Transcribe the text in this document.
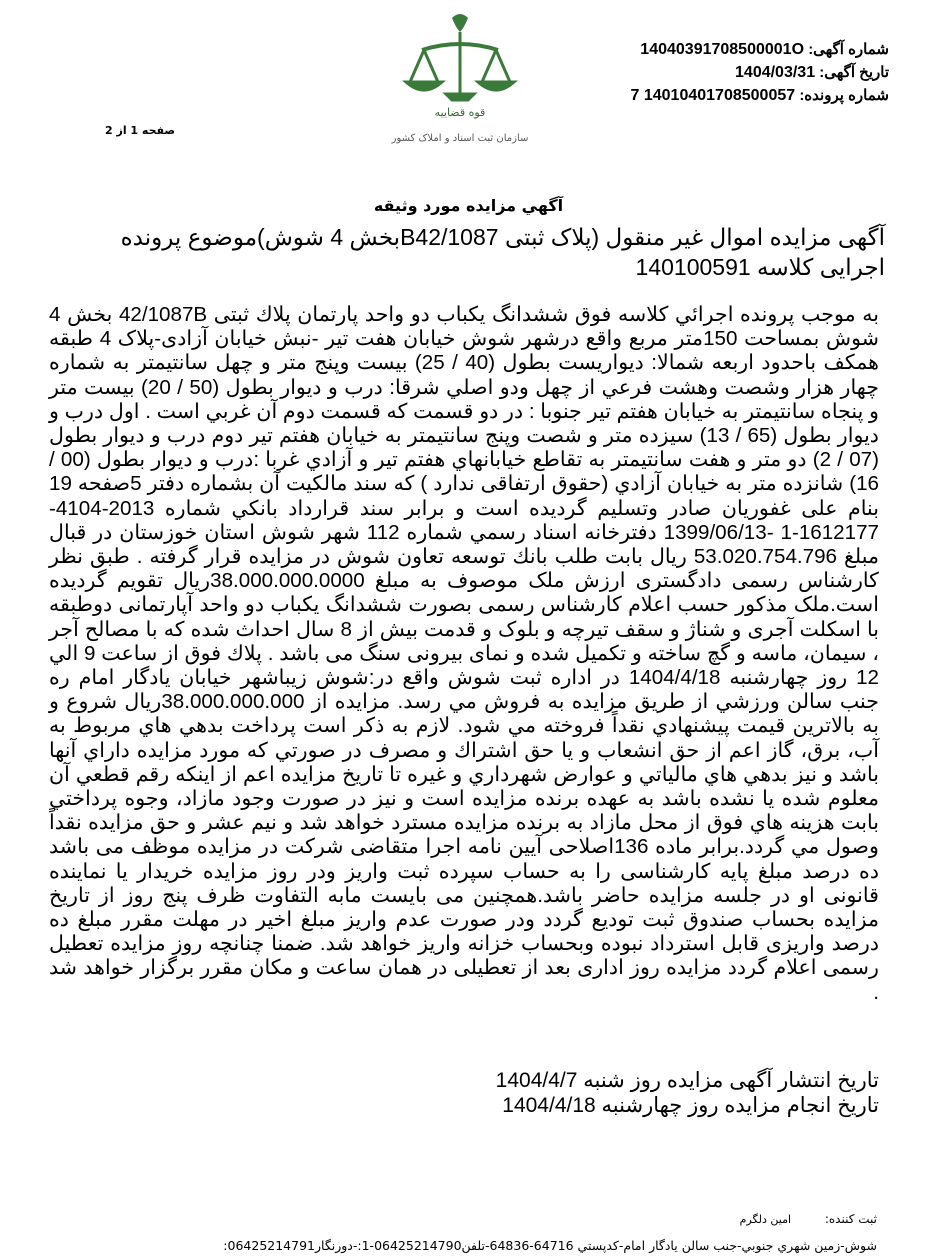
شماره آگهی: 14040391708500001O
تاریخ آگهی: 1404/03/31
شماره پرونده: 14010401708500057 7
قوه قضاییه
سازمان ثبت اسناد و املاک کشور
صفحه 1 از 2
آگهي مزايده مورد وثيقه
آگهی مزایده اموال غیر منقول (پلاک ثبتی B42/1087بخش 4 شوش)موضوع پرونده اجرایی کلاسه 140100591
به موجب پرونده اجرائي كلاسه فوق ششدانگ يكباب دو واحد پارتمان پلاك ثبتی 42/1087B بخش 4 شوش بمساحت 150متر مربع واقع درشهر شوش خیابان هفت تیر -نبش خیابان آزادی-پلاک 4 طبقه همکف باحدود اربعه شمالا: ديواريست بطول (40 / 25) بيست وپنج متر و چهل سانتيمتر به شماره چهار هزار وشصت وهشت فرعي از چهل ودو اصلي شرقا: درب و ديوار بطول (50 / 20) بيست متر و پنجاه سانتيمتر به خيابان هفتم تير جنوبا : در دو قسمت كه قسمت دوم آن غربي است . اول درب و ديوار بطول (65 / 13) سيزده متر و شصت وپنج سانتيمتر به خيابان هفتم تير دوم درب و ديوار بطول (07 / 2) دو متر و هفت سانتيمتر به تقاطع خيابانهاي هفتم تير و آزادي غربا :درب و ديوار بطول (00 / 16) شانزده متر به خيابان آزادي (حقوق ارتفاقی ندارد ) که سند مالکیت آن بشماره دفتر 5صفحه 19 بنام علی غفوریان صادر وتسلیم گرديده است و برابر سند قرارداد بانكي شماره 2013-4104-1612177-1 -1399/06/13 دفترخانه اسناد رسمي شماره 112 شهر شوش استان خوزستان در قبال مبلغ 53.020.754.796 ريال بابت طلب بانك توسعه تعاون شوش در مزايده قرار گرفته . طبق نظر كارشناس رسمی دادگستری ارزش ملک موصوف به مبلغ 38.000.000.0000ريال تقويم گرديده است.ملک مذکور حسب اعلام کارشناس رسمی بصورت ششدانگ یکباب دو واحد آپارتمانی دوطبقه با اسکلت آجری و شناژ و سقف تیرچه و بلوک و قدمت بیش از 8 سال احداث شده که با مصالح آجر ، سیمان، ماسه و گچ ساخته و تکمیل شده و نمای بیرونی سنگ می باشد . پلاك فوق از ساعت 9 الي 12 روز چهارشنبه 1404/4/18 در اداره ثبت شوش واقع در:شوش زيباشهر خيابان يادگار امام ره جنب سالن ورزشي از طريق مزايده به فروش مي رسد. مزايده از 38.000.000.000ريال شروع و به بالاترين قيمت پيشنهادي نقداً فروخته مي شود. لازم به ذكر است پرداخت بدهي هاي مربوط به آب، برق، گاز اعم از حق انشعاب و يا حق اشتراك و مصرف در صورتي كه مورد مزايده داراي آنها باشد و نيز بدهي هاي مالياتي و عوارض شهرداري و غيره تا تاريخ مزايده اعم از اينكه رقم قطعي آن معلوم شده يا نشده باشد به عهده برنده مزايده است و نيز در صورت وجود مازاد، وجوه پرداختي بابت هزينه هاي فوق از محل مازاد به برنده مزايده مسترد خواهد شد و نيم عشر و حق مزايده نقداً وصول مي گردد.برابر ماده 136اصلاحی آیین نامه اجرا متقاضی شرکت در مزایده موظف می باشد ده درصد مبلغ پایه کارشناسی را به حساب سپرده ثبت واریز ودر روز مزایده خریدار یا نماینده قانونی او در جلسه مزایده حاضر باشد.همچنین می بایست مابه التفاوت ظرف پنج روز از تاریخ مزایده بحساب صندوق ثبت تودیع گردد ودر صورت عدم واریز مبلغ اخیر در مهلت مقرر مبلغ ده درصد واریزی قابل استرداد نبوده وبحساب خزانه واریز خواهد شد. ضمنا چنانچه روز مزایده تعطیل رسمی اعلام گردد مزایده روز اداری بعد از تعطیلی در همان ساعت و مکان مقرر برگزار خواهد شد .
تاریخ انتشار آگهی مزایده روز شنبه 1404/4/7
تاریخ انجام مزایده روز چهارشنبه 1404/4/18
ثبت كننده: امين دلگرم
شوش-زمين شهري جنوبي-جنب سالن يادگار امام-كدپستي 64716-64836-تلفن06425214790-1:-دورنگار06425214791:
